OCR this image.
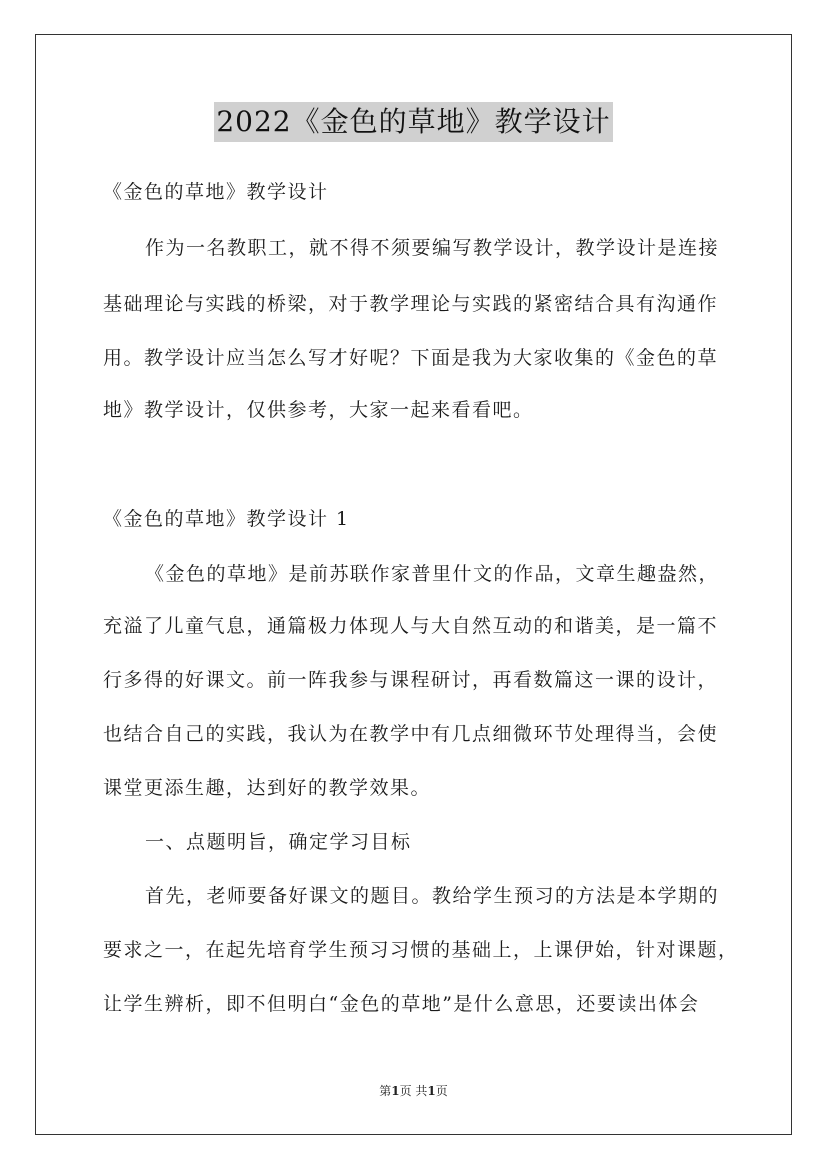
2022《金色的草地》教学设计
《金色的草地》教学设计
作为一名教职工，就不得不须要编写教学设计，教学设计是连接
基础理论与实践的桥梁，对于教学理论与实践的紧密结合具有沟通作
用。教学设计应当怎么写才好呢？下面是我为大家收集的《金色的草
地》教学设计，仅供参考，大家一起来看看吧。
《金色的草地》教学设计 1
《金色的草地》是前苏联作家普里什文的作品，文章生趣盎然，
充溢了儿童气息，通篇极力体现人与大自然互动的和谐美，是一篇不
行多得的好课文。前一阵我参与课程研讨，再看数篇这一课的设计，
也结合自己的实践，我认为在教学中有几点细微环节处理得当，会使
课堂更添生趣，达到好的教学效果。
一、点题明旨，确定学习目标
首先，老师要备好课文的题目。教给学生预习的方法是本学期的
要求之一，在起先培育学生预习习惯的基础上，上课伊始，针对课题，
让学生辨析，即不但明白“金色的草地”是什么意思，还要读出体会
第1页 共1页
